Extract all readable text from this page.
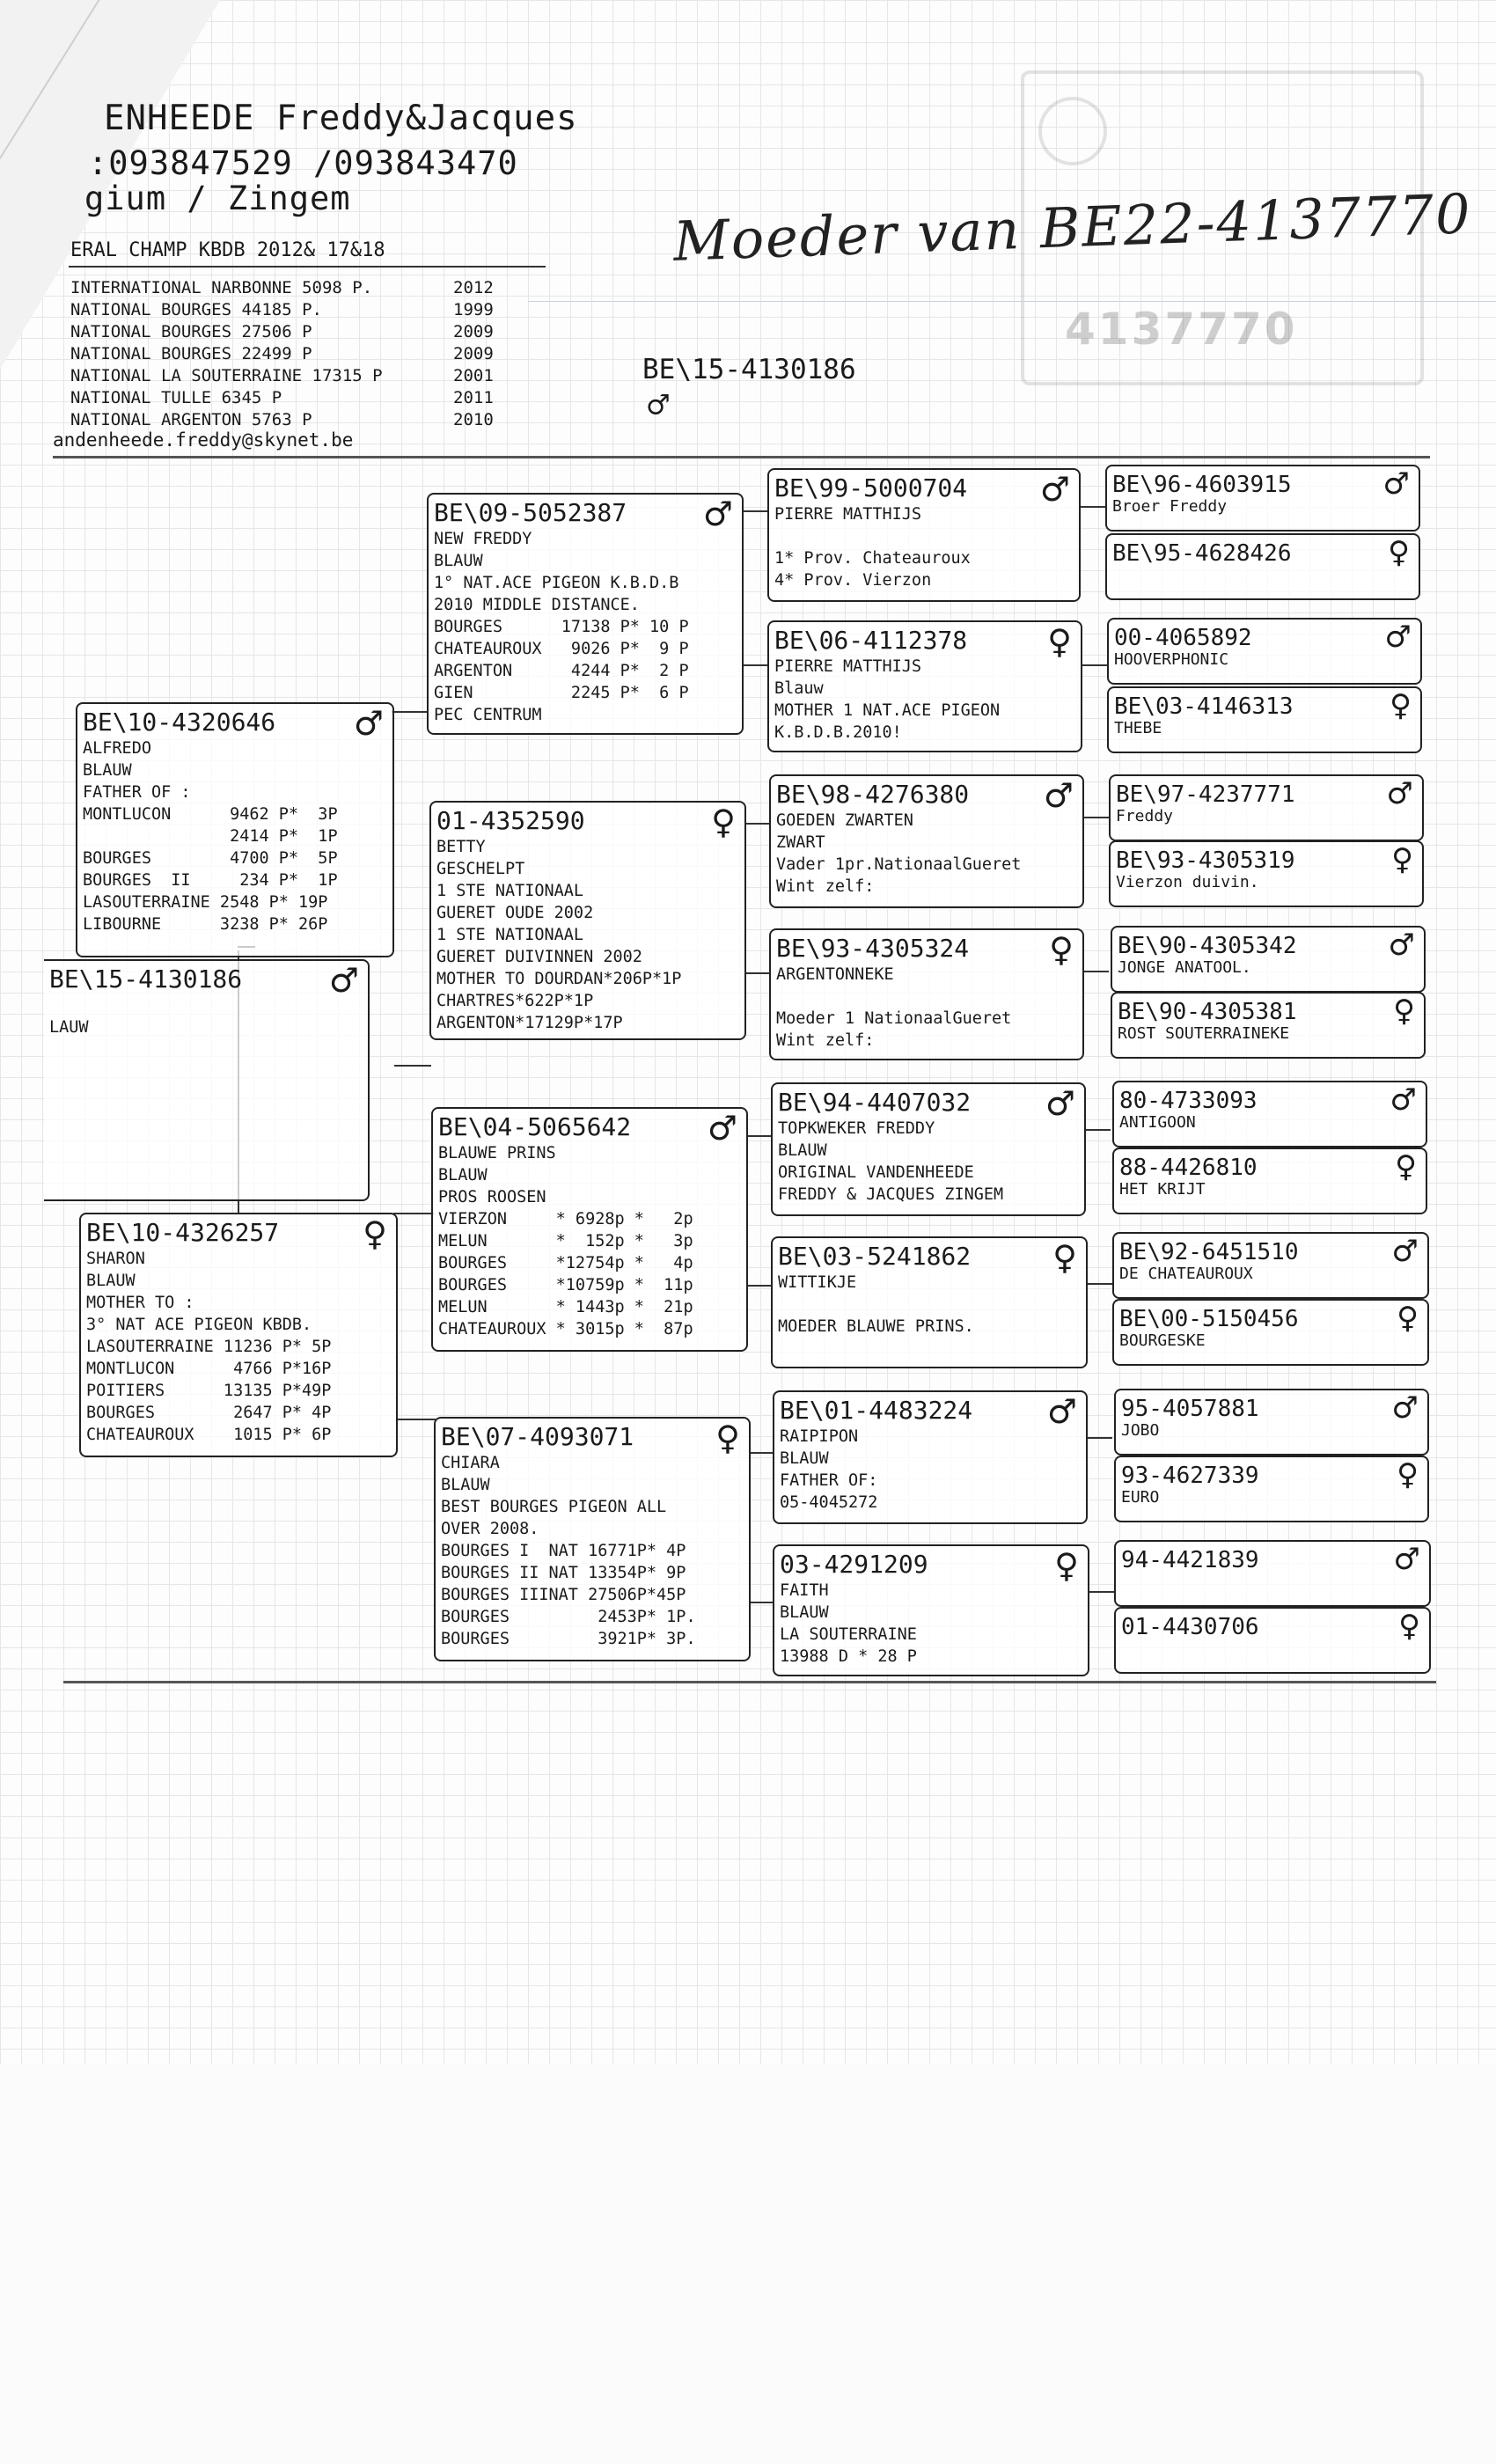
4137770
ENHEEDE Freddy&Jacques
:093847529 /093843470
gium / Zingem
ERAL CHAMP KBDB 2012& 17&18
INTERNATIONAL NARBONNE 5098 P.	2012
NATIONAL BOURGES 44185 P.	1999
NATIONAL BOURGES 27506 P	2009
NATIONAL BOURGES 22499 P	2009
NATIONAL LA SOUTERRAINE 17315 P	2001
NATIONAL TULLE 6345 P	2011
NATIONAL ARGENTON 5763 P	2010
andenheede.freddy@skynet.be
Moeder van BE22-4137770
BE\15-4130186
♂
BE\15-4130186	♂

LAUW
BE\10-4320646	♂
ALFREDO
BLAUW
FATHER OF :
MONTLUCON      9462 P*  3P
2414 P*  1P
BOURGES        4700 P*  5P
BOURGES  II     234 P*  1P
LASOUTERRAINE 2548 P* 19P
LIBOURNE      3238 P* 26P
BE\10-4326257	♀
SHARON
BLAUW
MOTHER TO :
3° NAT ACE PIGEON KBDB.
LASOUTERRAINE 11236 P* 5P
MONTLUCON      4766 P*16P
POITIERS      13135 P*49P
BOURGES        2647 P* 4P
CHATEAUROUX    1015 P* 6P
BE\09-5052387	♂
NEW FREDDY
BLAUW
1° NAT.ACE PIGEON K.B.D.B
2010 MIDDLE DISTANCE.
BOURGES      17138 P* 10 P
CHATEAUROUX   9026 P*  9 P
ARGENTON      4244 P*  2 P
GIEN          2245 P*  6 P
PEC CENTRUM
01-4352590	♀
BETTY
GESCHELPT
1 STE NATIONAAL
GUERET OUDE 2002
1 STE NATIONAAL
GUERET DUIVINNEN 2002
MOTHER TO DOURDAN*206P*1P
CHARTRES*622P*1P
ARGENTON*17129P*17P
BE\04-5065642	♂
BLAUWE PRINS
BLAUW
PROS ROOSEN
VIERZON     * 6928p *   2p
MELUN       *  152p *   3p
BOURGES     *12754p *   4p
BOURGES     *10759p *  11p
MELUN       * 1443p *  21p
CHATEAUROUX * 3015p *  87p
BE\07-4093071	♀
CHIARA
BLAUW
BEST BOURGES PIGEON ALL
OVER 2008.
BOURGES I  NAT 16771P* 4P
BOURGES II NAT 13354P* 9P
BOURGES IIINAT 27506P*45P
BOURGES         2453P* 1P.
BOURGES         3921P* 3P.
BE\99-5000704	♂
PIERRE MATTHIJS

1* Prov. Chateauroux
4* Prov. Vierzon
BE\06-4112378	♀
PIERRE MATTHIJS
Blauw
MOTHER 1 NAT.ACE PIGEON
K.B.D.B.2010!
BE\98-4276380	♂
GOEDEN ZWARTEN
ZWART
Vader 1pr.NationaalGueret
Wint zelf:
BE\93-4305324	♀
ARGENTONNEKE

Moeder 1 NationaalGueret
Wint zelf:
BE\94-4407032	♂
TOPKWEKER FREDDY
BLAUW
ORIGINAL VANDENHEEDE
FREDDY & JACQUES ZINGEM
BE\03-5241862	♀
WITTIKJE

MOEDER BLAUWE PRINS.
BE\01-4483224	♂
RAIPIPON
BLAUW
FATHER OF:
05-4045272
03-4291209	♀
FAITH
BLAUW
LA SOUTERRAINE
13988 D * 28 P
BE\96-4603915	♂
Broer Freddy
BE\95-4628426	♀
00-4065892	♂
HOOVERPHONIC
BE\03-4146313	♀
THEBE
BE\97-4237771	♂
Freddy
BE\93-4305319	♀
Vierzon duivin.
BE\90-4305342	♂
JONGE ANATOOL.
BE\90-4305381	♀
ROST SOUTERRAINEKE
80-4733093	♂
ANTIGOON
88-4426810	♀
HET KRIJT
BE\92-6451510	♂
DE CHATEAUROUX
BE\00-5150456	♀
BOURGESKE
95-4057881	♂
JOBO
93-4627339	♀
EURO
94-4421839	♂
01-4430706	♀
